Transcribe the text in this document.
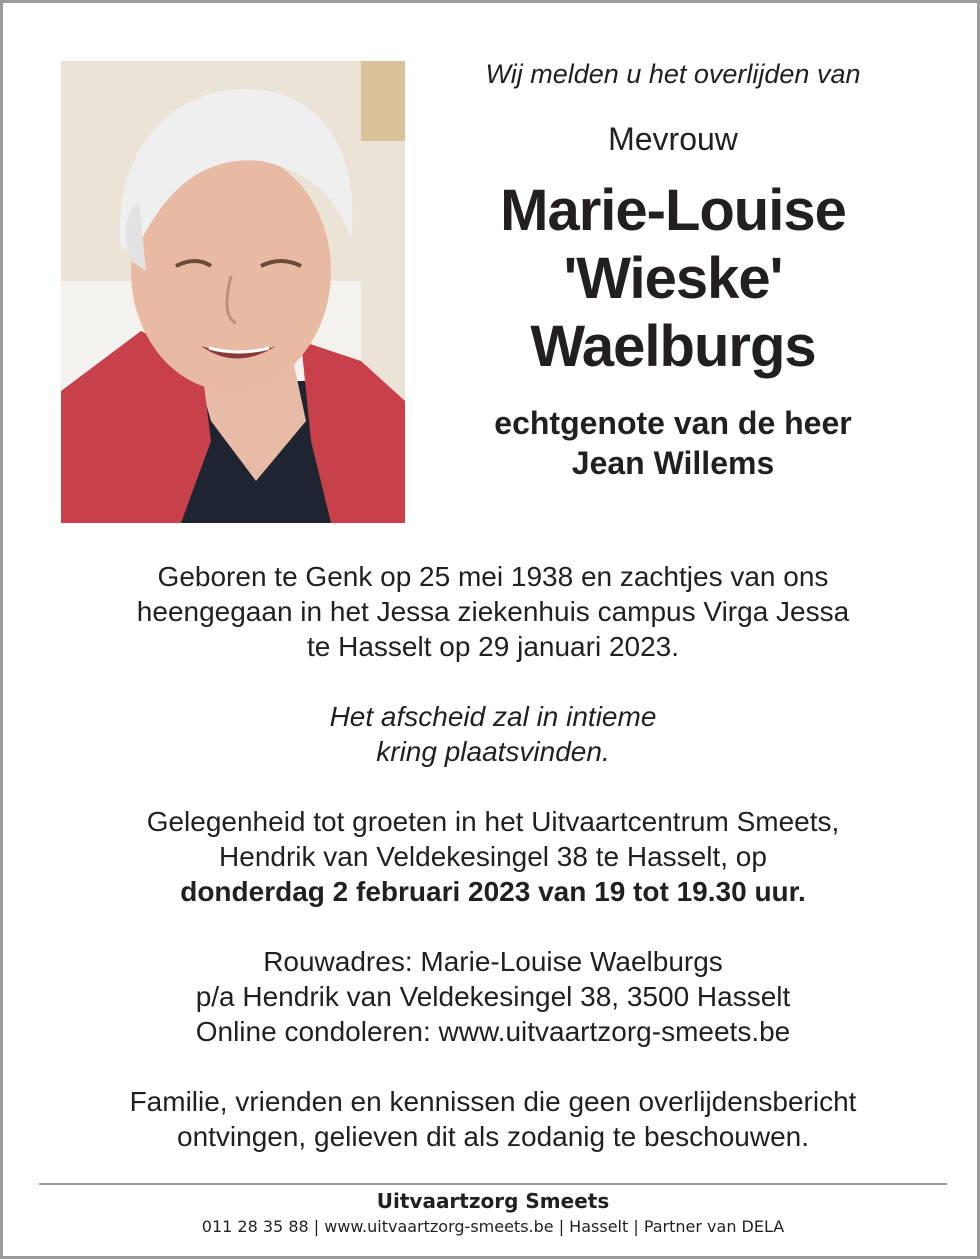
Wij melden u het overlijden van

Mevrouw

Marie-Louise
'Wieske'
Waelburgs

echtgenote van de heer

Jean Willems

Geboren te Genk op 25 mei 1938 en zachtjes van ons

heengegaan in het Jessa ziekenhuis campus Virga Jessa

te Hasselt op 29 januari 2023.

Het afscheid zal in intieme

kring plaatsvinden.

Gelegenheid tot groeten in het Uitvaartcentrum Smeets,

Hendrik van Veldekesingel 38 te Hasselt, op

donderdag 2 februari 2023 van 19 tot 19.30 uur.

Rouwadres: Marie-Louise Waelburgs

p/a Hendrik van Veldekesingel 38, 3500 Hasselt

Online condoleren: www.uitvaartzorg-smeets.be

Familie, vrienden en kennissen die geen overlijdensbericht

ontvingen, gelieven dit als zodanig te beschouwen.

Uitvaartzorg Smeets

011 28 35 88 | www.uitvaartzorg-smeets.be | Hasselt | Partner van DELA
